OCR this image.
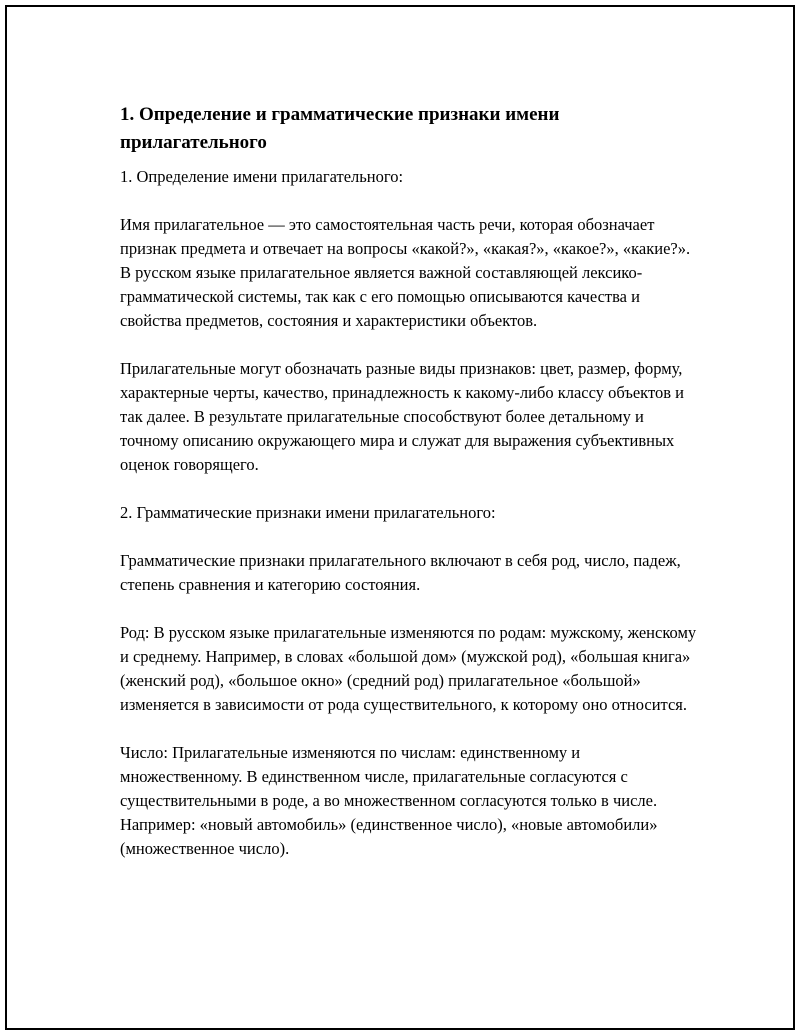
1. Определение и грамматические признаки имени прилагательного

1. Определение имени прилагательного:

Имя прилагательное — это самостоятельная часть речи, которая обозначает признак предмета и отвечает на вопросы «какой?», «какая?», «какое?», «какие?». В русском языке прилагательное является важной составляющей лексико-грамматической системы, так как с его помощью описываются качества и свойства предметов, состояния и характеристики объектов.

Прилагательные могут обозначать разные виды признаков: цвет, размер, форму, характерные черты, качество, принадлежность к какому-либо классу объектов и так далее. В результате прилагательные способствуют более детальному и точному описанию окружающего мира и служат для выражения субъективных оценок говорящего.

2. Грамматические признаки имени прилагательного:

Грамматические признаки прилагательного включают в себя род, число, падеж, степень сравнения и категорию состояния.

Род: В русском языке прилагательные изменяются по родам: мужскому, женскому и среднему. Например, в словах «большой дом» (мужской род), «большая книга» (женский род), «большое окно» (средний род) прилагательное «большой» изменяется в зависимости от рода существительного, к которому оно относится.

Число: Прилагательные изменяются по числам: единственному и множественному. В единственном числе, прилагательные согласуются с существительными в роде, а во множественном согласуются только в числе. Например: «новый автомобиль» (единственное число), «новые автомобили» (множественное число).
